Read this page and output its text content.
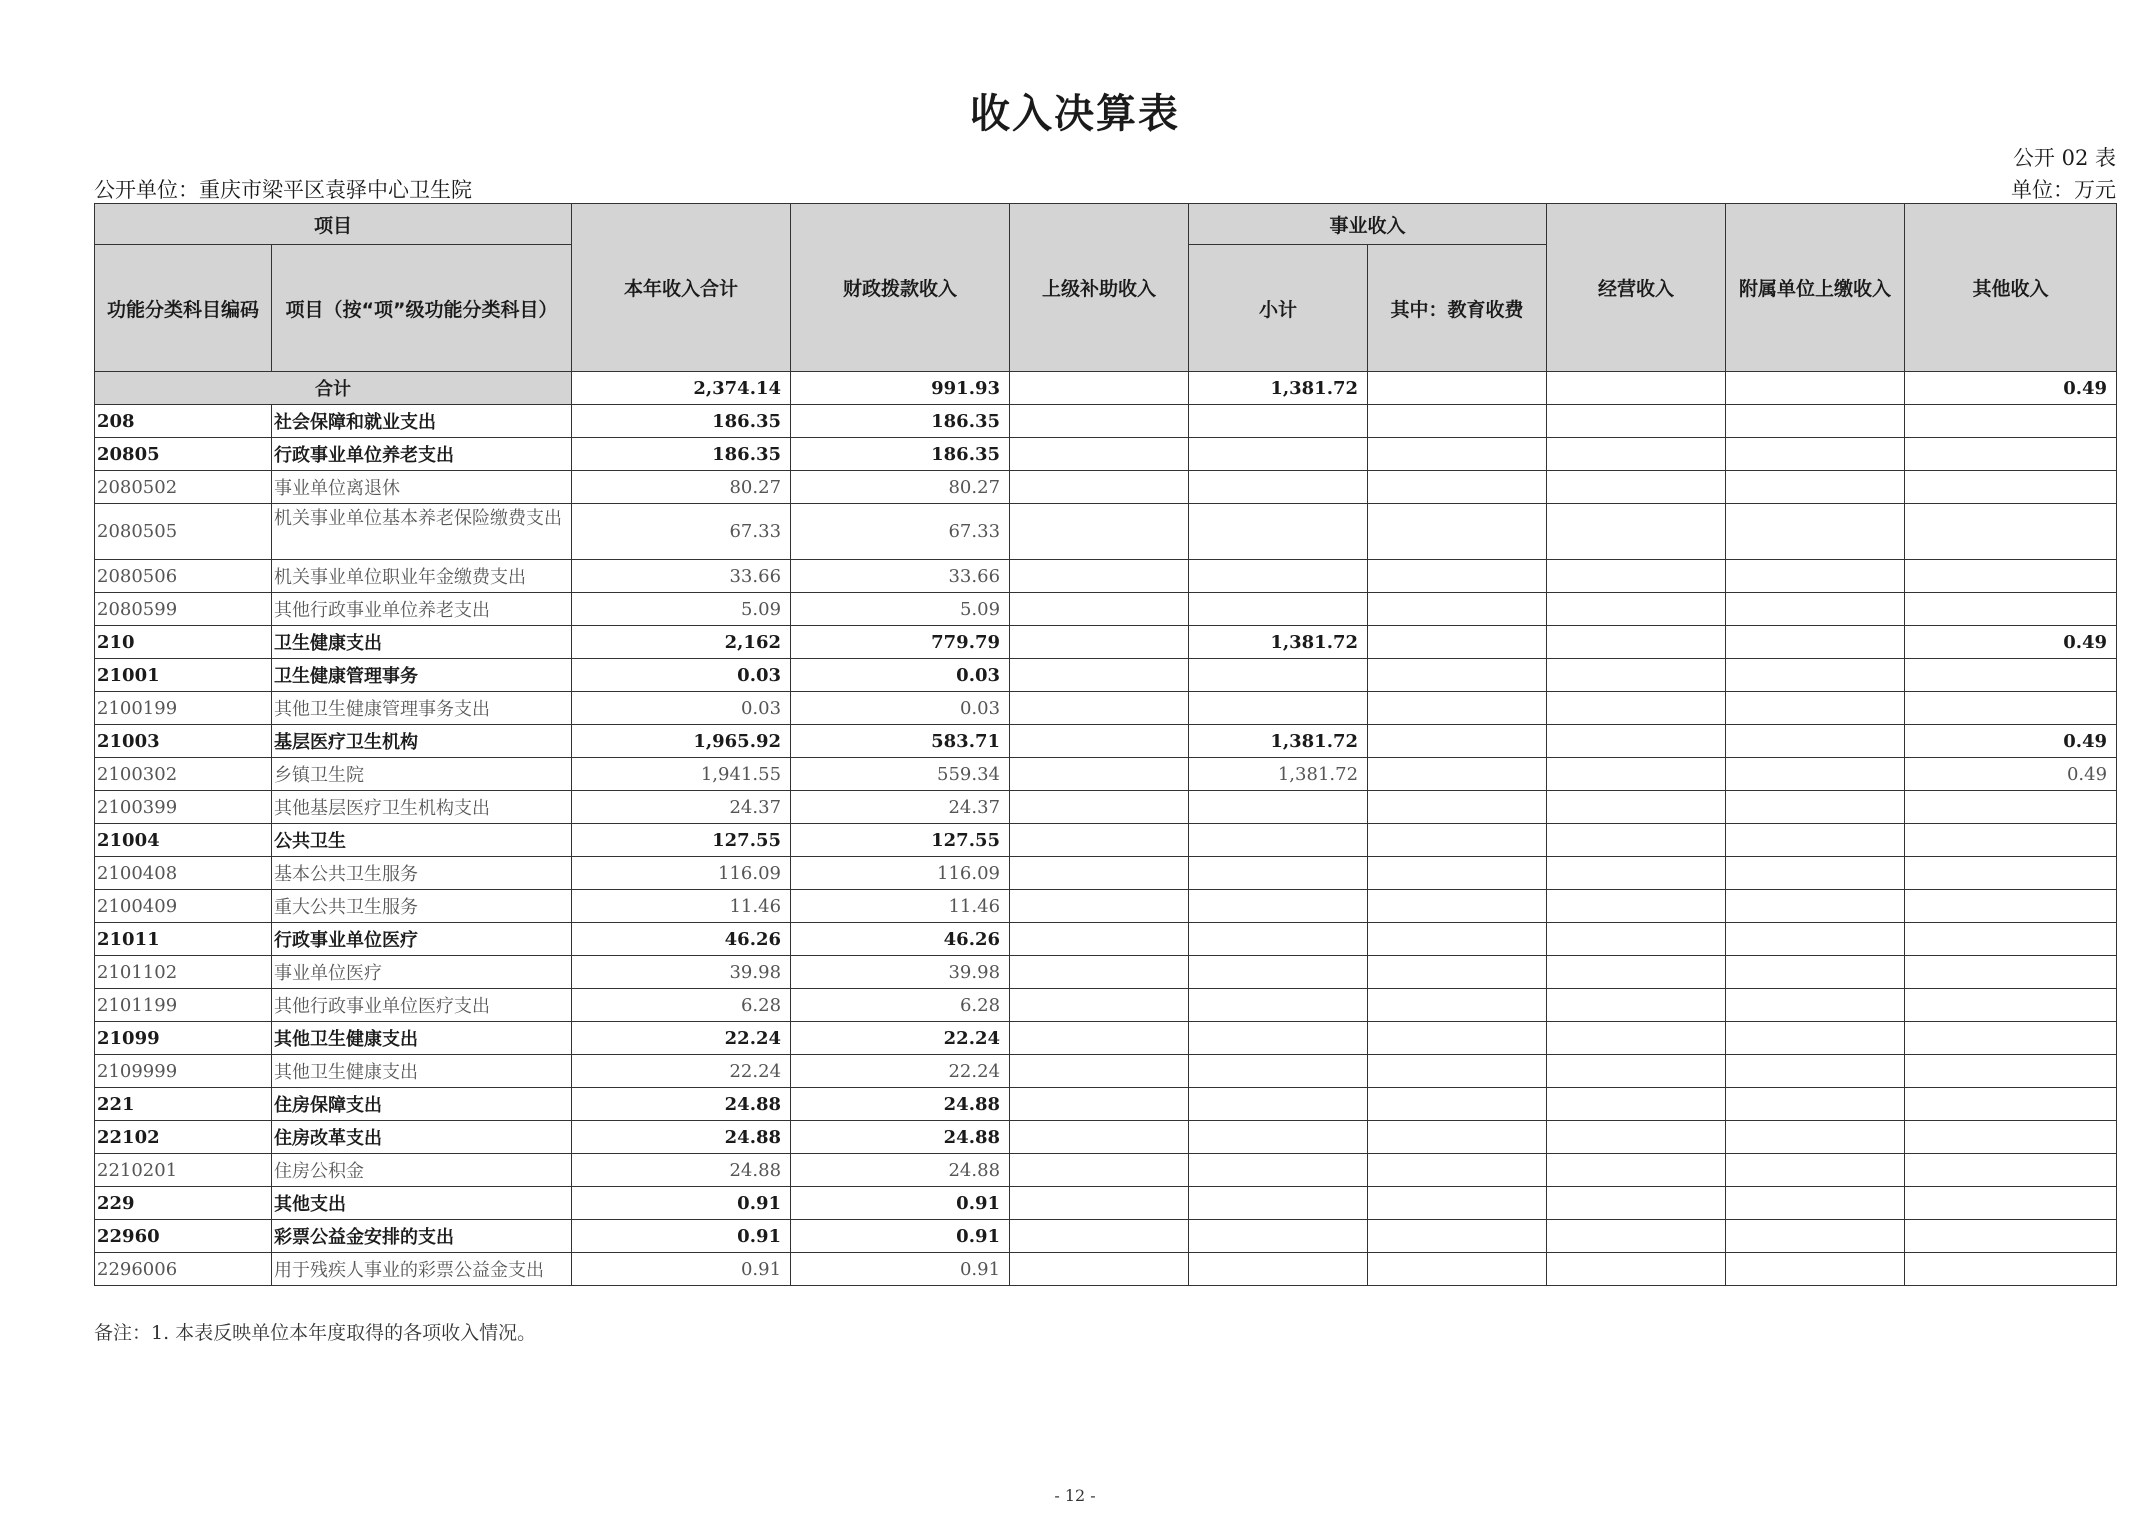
收入决算表
公开 02 表
公开单位：重庆市梁平区袁驿中心卫生院	单位：万元
项目		本年收入合计	财政拨款收入	上级补助收入	事业收入		经营收入	附属单位上缴收入	其他收入
功能分类科目编码	项目（按“项”级功能分类科目）				小计	其中：教育收费			
合计		2,374.14	991.93		1,381.72				0.49
208	社会保障和就业支出	186.35	186.35						
20805	行政事业单位养老支出	186.35	186.35						
2080502	事业单位离退休	80.27	80.27						
2080505	机关事业单位基本养老保险缴费支出	67.33	67.33						
2080506	机关事业单位职业年金缴费支出	33.66	33.66						
2080599	其他行政事业单位养老支出	5.09	5.09						
210	卫生健康支出	2,162	779.79		1,381.72				0.49
21001	卫生健康管理事务	0.03	0.03						
2100199	其他卫生健康管理事务支出	0.03	0.03						
21003	基层医疗卫生机构	1,965.92	583.71		1,381.72				0.49
2100302	乡镇卫生院	1,941.55	559.34		1,381.72				0.49
2100399	其他基层医疗卫生机构支出	24.37	24.37						
21004	公共卫生	127.55	127.55						
2100408	基本公共卫生服务	116.09	116.09						
2100409	重大公共卫生服务	11.46	11.46						
21011	行政事业单位医疗	46.26	46.26						
2101102	事业单位医疗	39.98	39.98						
2101199	其他行政事业单位医疗支出	6.28	6.28						
21099	其他卫生健康支出	22.24	22.24						
2109999	其他卫生健康支出	22.24	22.24						
221	住房保障支出	24.88	24.88						
22102	住房改革支出	24.88	24.88						
2210201	住房公积金	24.88	24.88						
229	其他支出	0.91	0.91						
22960	彩票公益金安排的支出	0.91	0.91						
2296006	用于残疾人事业的彩票公益金支出	0.91	0.91						
备注：1. 本表反映单位本年度取得的各项收入情况。
- 12 -
